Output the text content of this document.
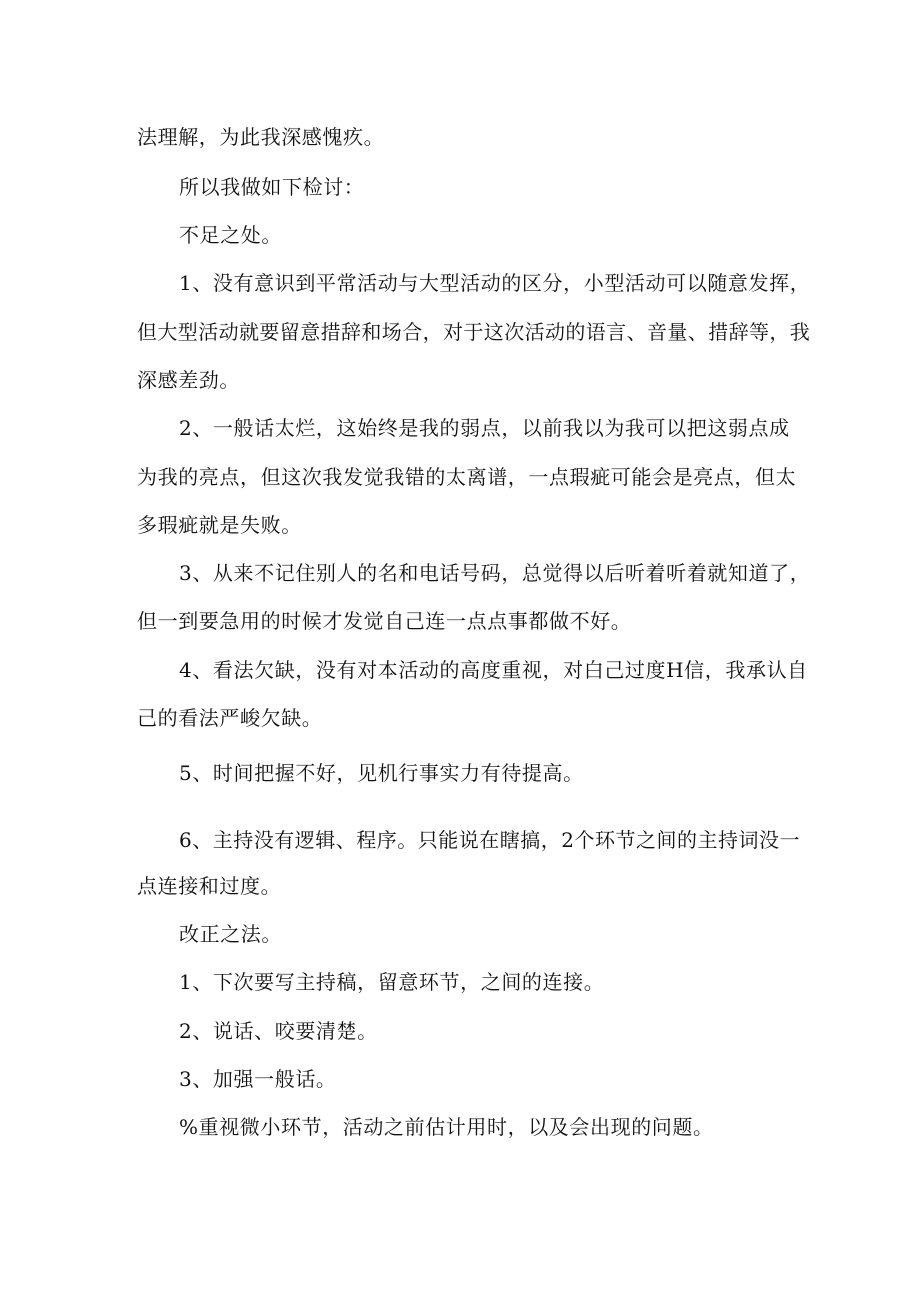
法理解，为此我深感愧疚。

所以我做如下检讨：

不足之处。

1、没有意识到平常活动与大型活动的区分，小型活动可以随意发挥，

但大型活动就要留意措辞和场合，对于这次活动的语言、音量、措辞等，我

深感差劲。

2、一般话太烂，这始终是我的弱点，以前我以为我可以把这弱点成

为我的亮点，但这次我发觉我错的太离谱，一点瑕疵可能会是亮点，但太

多瑕疵就是失败。

3、从来不记住别人的名和电话号码，总觉得以后听着听着就知道了，

但一到要急用的时候才发觉自己连一点点事都做不好。

4、看法欠缺，没有对本活动的高度重视，对白己过度H信，我承认自

己的看法严峻欠缺。

5、时间把握不好，见机行事实力有待提高。

6、主持没有逻辑、程序。只能说在瞎搞，2个环节之间的主持词没一

点连接和过度。

改正之法。

1、下次要写主持稿，留意环节，之间的连接。

2、说话、咬要清楚。

3、加强一般话。

%重视微小环节，活动之前估计用时，以及会出现的问题。
